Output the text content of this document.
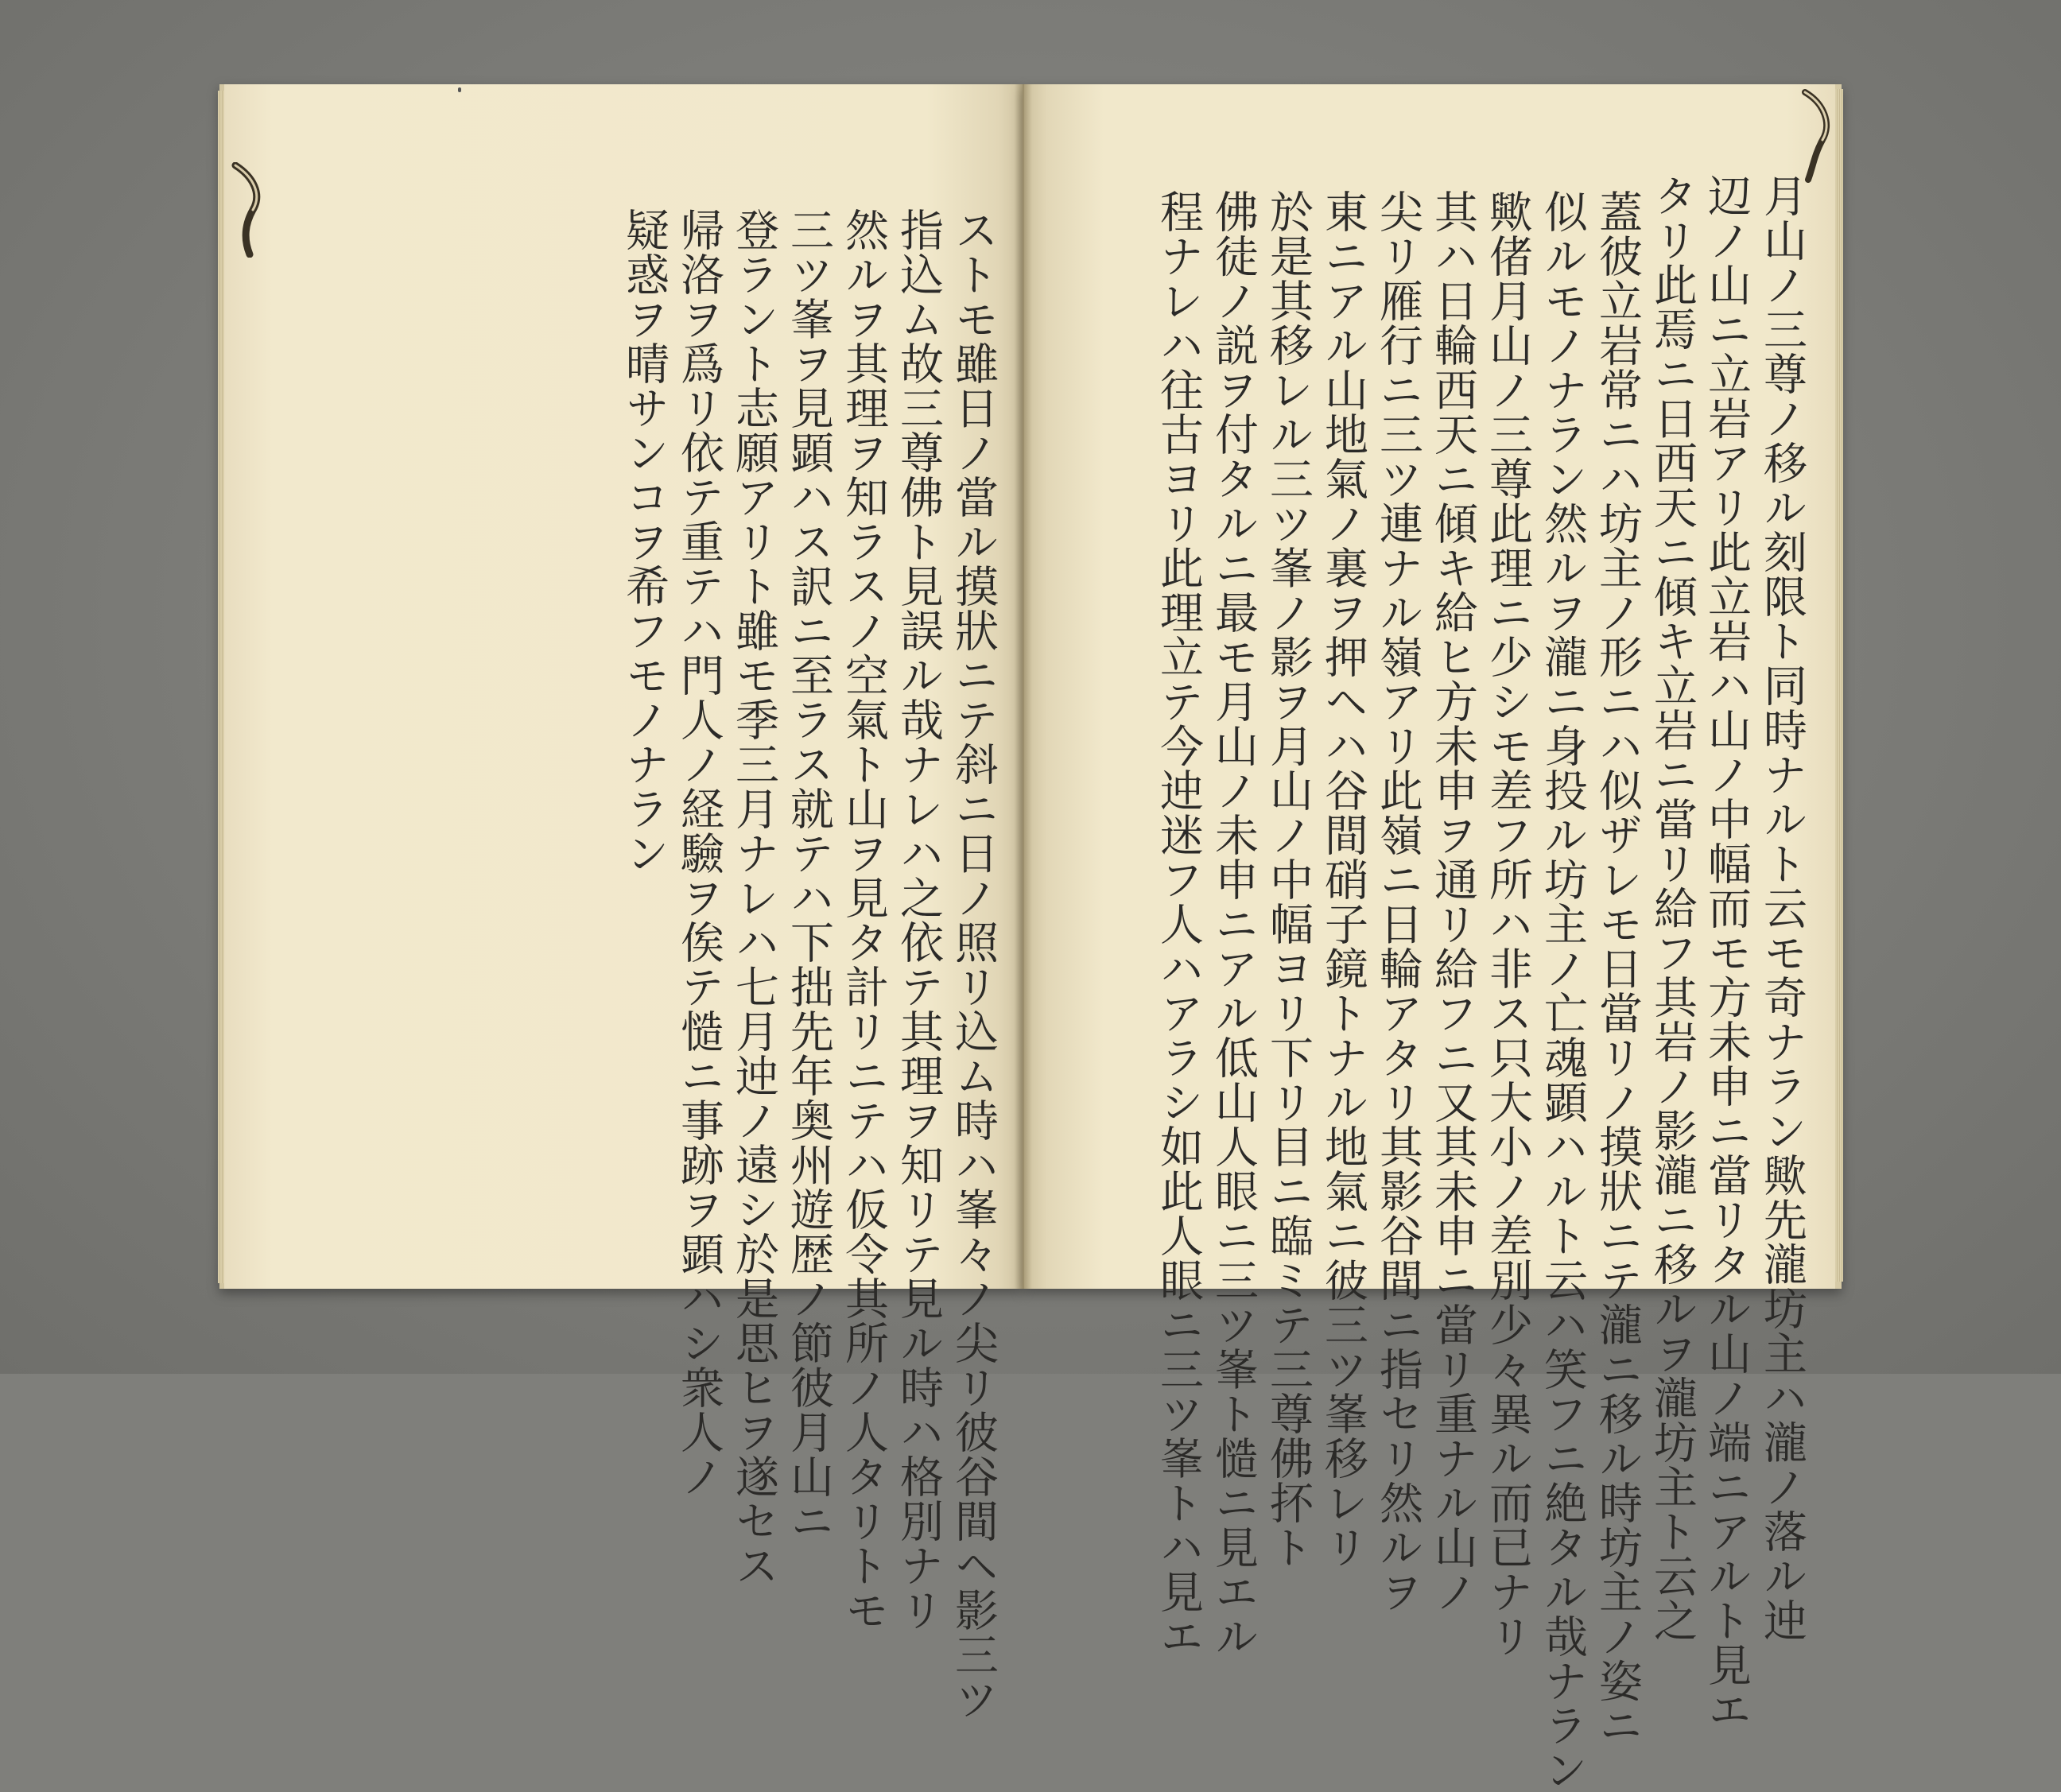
月山ノ三尊ノ移ル刻限ト同時ナルト云モ奇ナラン歟先瀧坊主ハ瀧ノ落ル迚
辺ノ山ニ立岩アリ此立岩ハ山ノ中幅而モ方未申ニ當リタル山ノ端ニアルト見エ
タリ此焉ニ日西天ニ傾キ立岩ニ當リ給フ其岩ノ影瀧ニ移ルヲ瀧坊主ト云之
蓋彼立岩常ニハ坊主ノ形ニハ似ザレモ日當リノ摸狀ニテ瀧ニ移ル時坊主ノ姿ニ
似ルモノナラン然ルヲ瀧ニ身投ル坊主ノ亡魂顕ハルト云ハ笑フニ絶タル哉ナラン
歟偖月山ノ三尊此理ニ少シモ差フ所ハ非ス只大小ノ差別少々異ル而已ナリ
其ハ日輪西天ニ傾キ給ヒ方未申ヲ通リ給フニ又其未申ニ當リ重ナル山ノ
尖リ雁行ニ三ツ連ナル嶺アリ此嶺ニ日輪アタリ其影谷間ニ指セリ然ルヲ
東ニアル山地氣ノ裏ヲ押ヘハ谷間硝子鏡トナル地氣ニ彼三ツ峯移レリ
於是其移レル三ツ峯ノ影ヲ月山ノ中幅ヨリ下リ目ニ臨ミテ三尊佛抔ト
佛徒ノ説ヲ付タルニ最モ月山ノ未申ニアル低山人眼ニ三ツ峯ト慥ニ見エル
程ナレハ往古ヨリ此理立テ今迚迷フ人ハアラシ如此人眼ニ三ツ峯トハ見エ
ストモ雖日ノ當ル摸狀ニテ斜ニ日ノ照リ込ム時ハ峯々ノ尖リ彼谷間ヘ影三ツ
指込ム故三尊佛ト見誤ル哉ナレハ之依テ其理ヲ知リテ見ル時ハ格別ナリ
然ルヲ其理ヲ知ラスノ空氣ト山ヲ見タ計リニテハ仮令其所ノ人タリトモ
三ツ峯ヲ見顕ハス訳ニ至ラス就テハ下拙先年奥州遊歴ノ節彼月山ニ
登ラント志願アリト雖モ季三月ナレハ七月迚ノ遠シ於是思ヒヲ遂セス
帰洛ヲ爲リ依テ重テハ門人ノ経驗ヲ俟テ慥ニ事跡ヲ顕ハシ衆人ノ
疑惑ヲ晴サンコヲ希フモノナラン
